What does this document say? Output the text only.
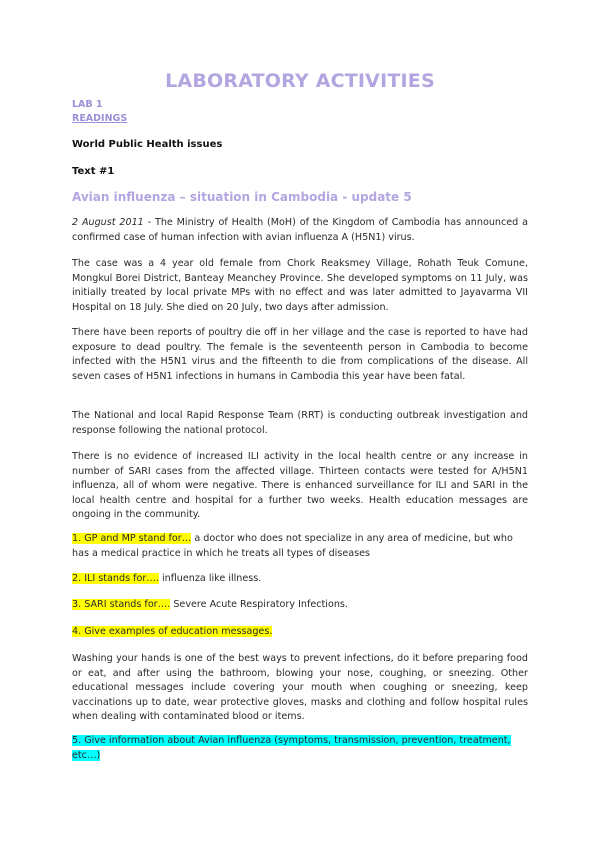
LABORATORY ACTIVITIES
LAB 1
READINGS
World Public Health issues
Text #1
Avian influenza – situation in Cambodia - update 5
2 August 2011 - The Ministry of Health (MoH) of the Kingdom of Cambodia has announced a confirmed case of human infection with avian influenza A (H5N1) virus.
The case was a 4 year old female from Chork Reaksmey Village, Rohath Teuk Comune, Mongkul Borei District, Banteay Meanchey Province. She developed symptoms on 11 July, was initially treated by local private MPs with no effect and was later admitted to Jayavarma VII Hospital on 18 July. She died on 20 July, two days after admission.
There have been reports of poultry die off in her village and the case is reported to have had exposure to dead poultry. The female is the seventeenth person in Cambodia to become infected with the H5N1 virus and the fifteenth to die from complications of the disease. All seven cases of H5N1 infections in humans in Cambodia this year have been fatal.
The National and local Rapid Response Team (RRT) is conducting outbreak investigation and response following the national protocol.
There is no evidence of increased ILI activity in the local health centre or any increase in number of SARI cases from the affected village. Thirteen contacts were tested for A/H5N1 influenza, all of whom were negative. There is enhanced surveillance for ILI and SARI in the local health centre and hospital for a further two weeks. Health education messages are ongoing in the community.
1. GP and MP stand for… a doctor who does not specialize in any area of medicine, but who has a medical practice in which he treats all types of diseases
2. ILI stands for…. influenza like illness.
3. SARI stands for…. Severe Acute Respiratory Infections.
4. Give examples of education messages.
Washing your hands is one of the best ways to prevent infections, do it before preparing food or eat, and after using the bathroom, blowing your nose, coughing, or sneezing. Other educational messages include covering your mouth when coughing or sneezing, keep vaccinations up to date, wear protective gloves, masks and clothing and follow hospital rules when dealing with contaminated blood or items.
5. Give information about Avian influenza (symptoms, transmission, prevention, treatment, etc…)
